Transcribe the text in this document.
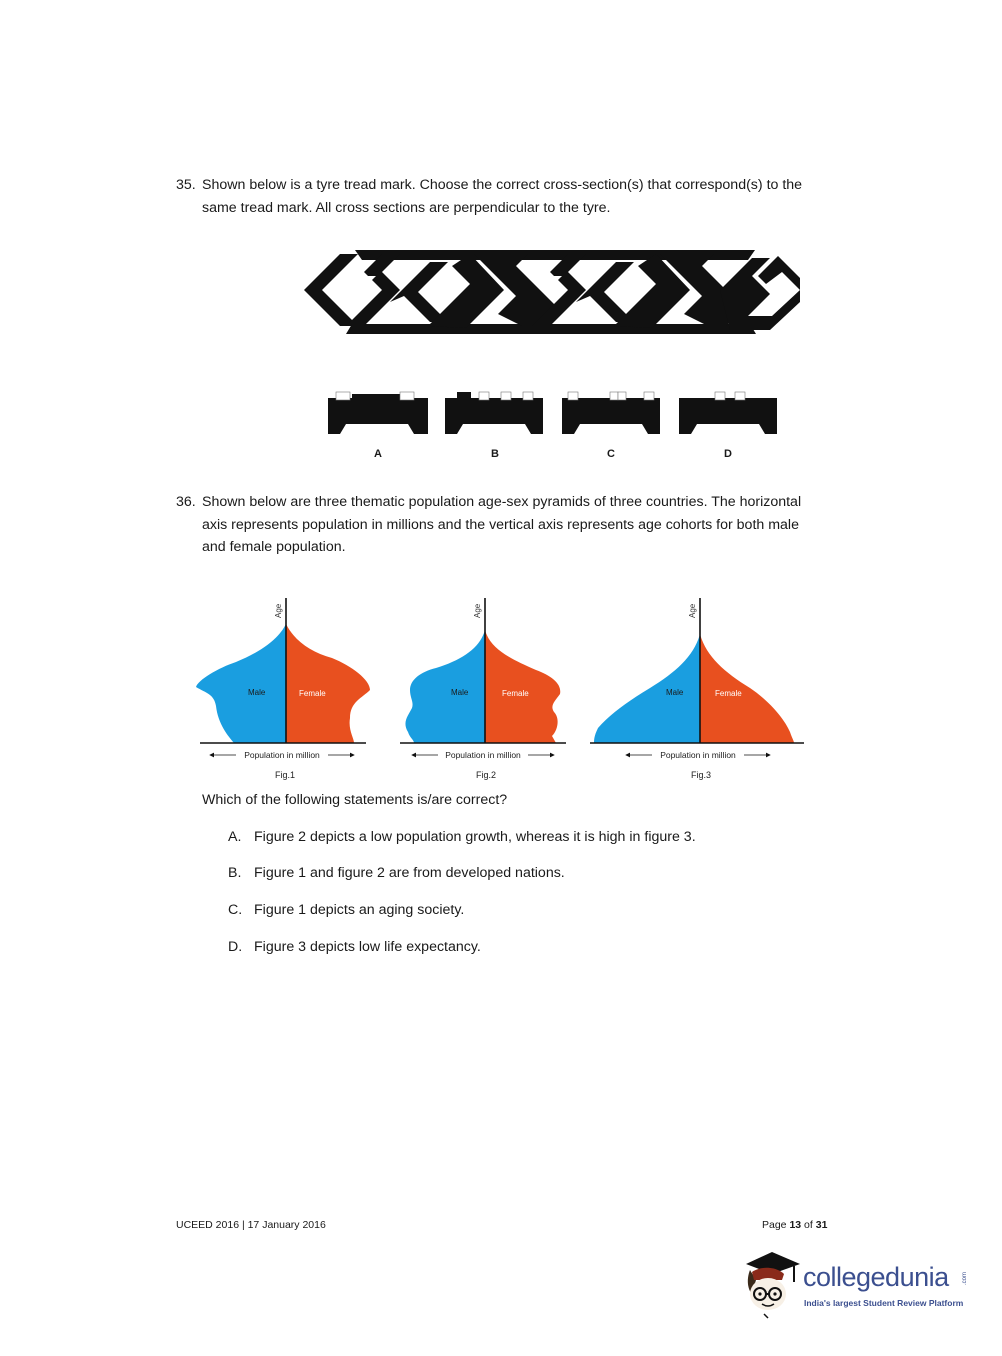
35. Shown below is a tyre tread mark. Choose the correct cross-section(s) that correspond(s) to the
same tread mark. All cross sections are perpendicular to the tyre.
A	B	C	D
36. Shown below are three thematic population age-sex pyramids of three countries. The horizontal
axis represents population in millions and the vertical axis represents age cohorts for both male
and female population.
Age
Male	Female
Population in million
Fig.1
Age
Male	Female
Population in million
Fig.2
Age
Male	Female
Population in million
Fig.3
Which of the following statements is/are correct?
A. Figure 2 depicts a low population growth, whereas it is high in figure 3.
B. Figure 1 and figure 2 are from developed nations.
C. Figure 1 depicts an aging society.
D. Figure 3 depicts low life expectancy.
UCEED 2016 | 17 January 2016	Page 13 of 31
collegedunia .com
India's largest Student Review Platform
